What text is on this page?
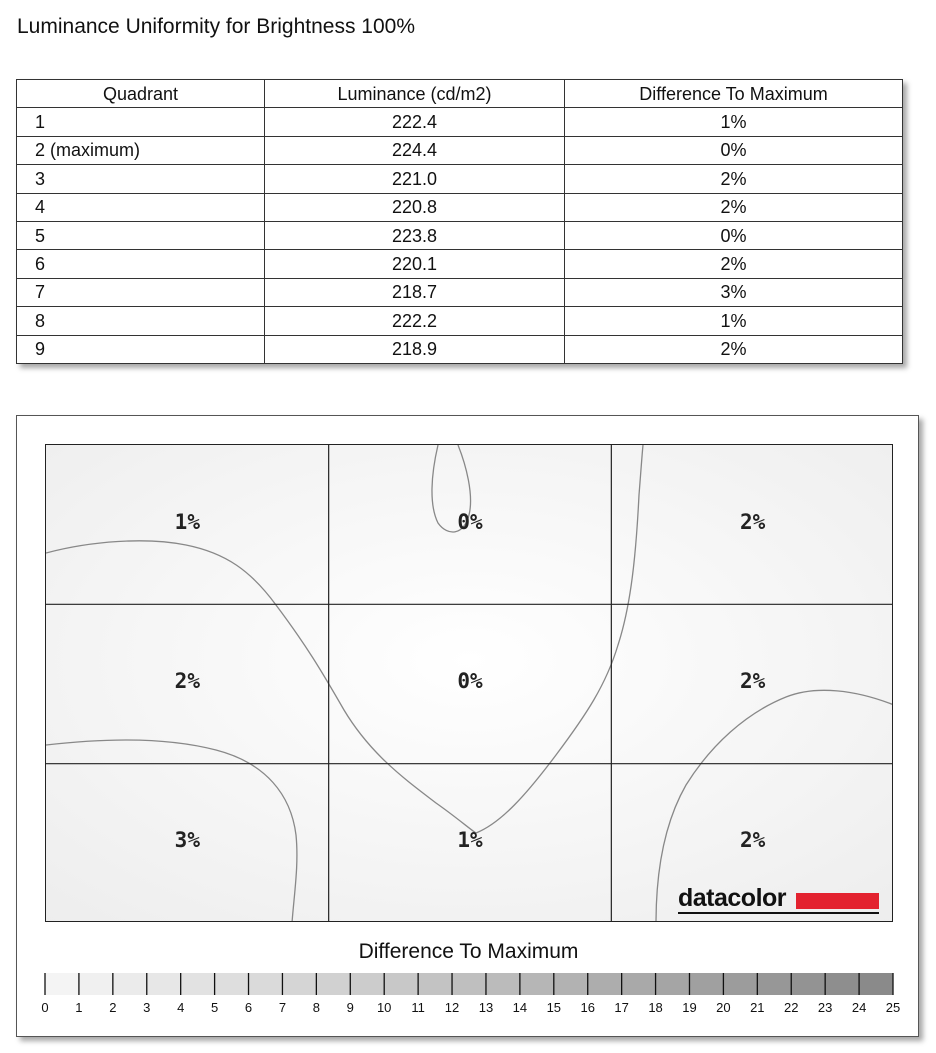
Luminance Uniformity for Brightness 100%
Quadrant	Luminance (cd/m2)	Difference To Maximum
1	222.4	1%
2 (maximum)	224.4	0%
3	221.0	2%
4	220.8	2%
5	223.8	0%
6	220.1	2%
7	218.7	3%
8	222.2	1%
9	218.9	2%
1%	0%	2%
2%	0%	2%
3%	1%	2%
datacolor
Difference To Maximum
0 1 2 3 4 5 6 7 8 9 10 11 12 13 14 15 16 17 18 19 20 21 22 23 24 25
